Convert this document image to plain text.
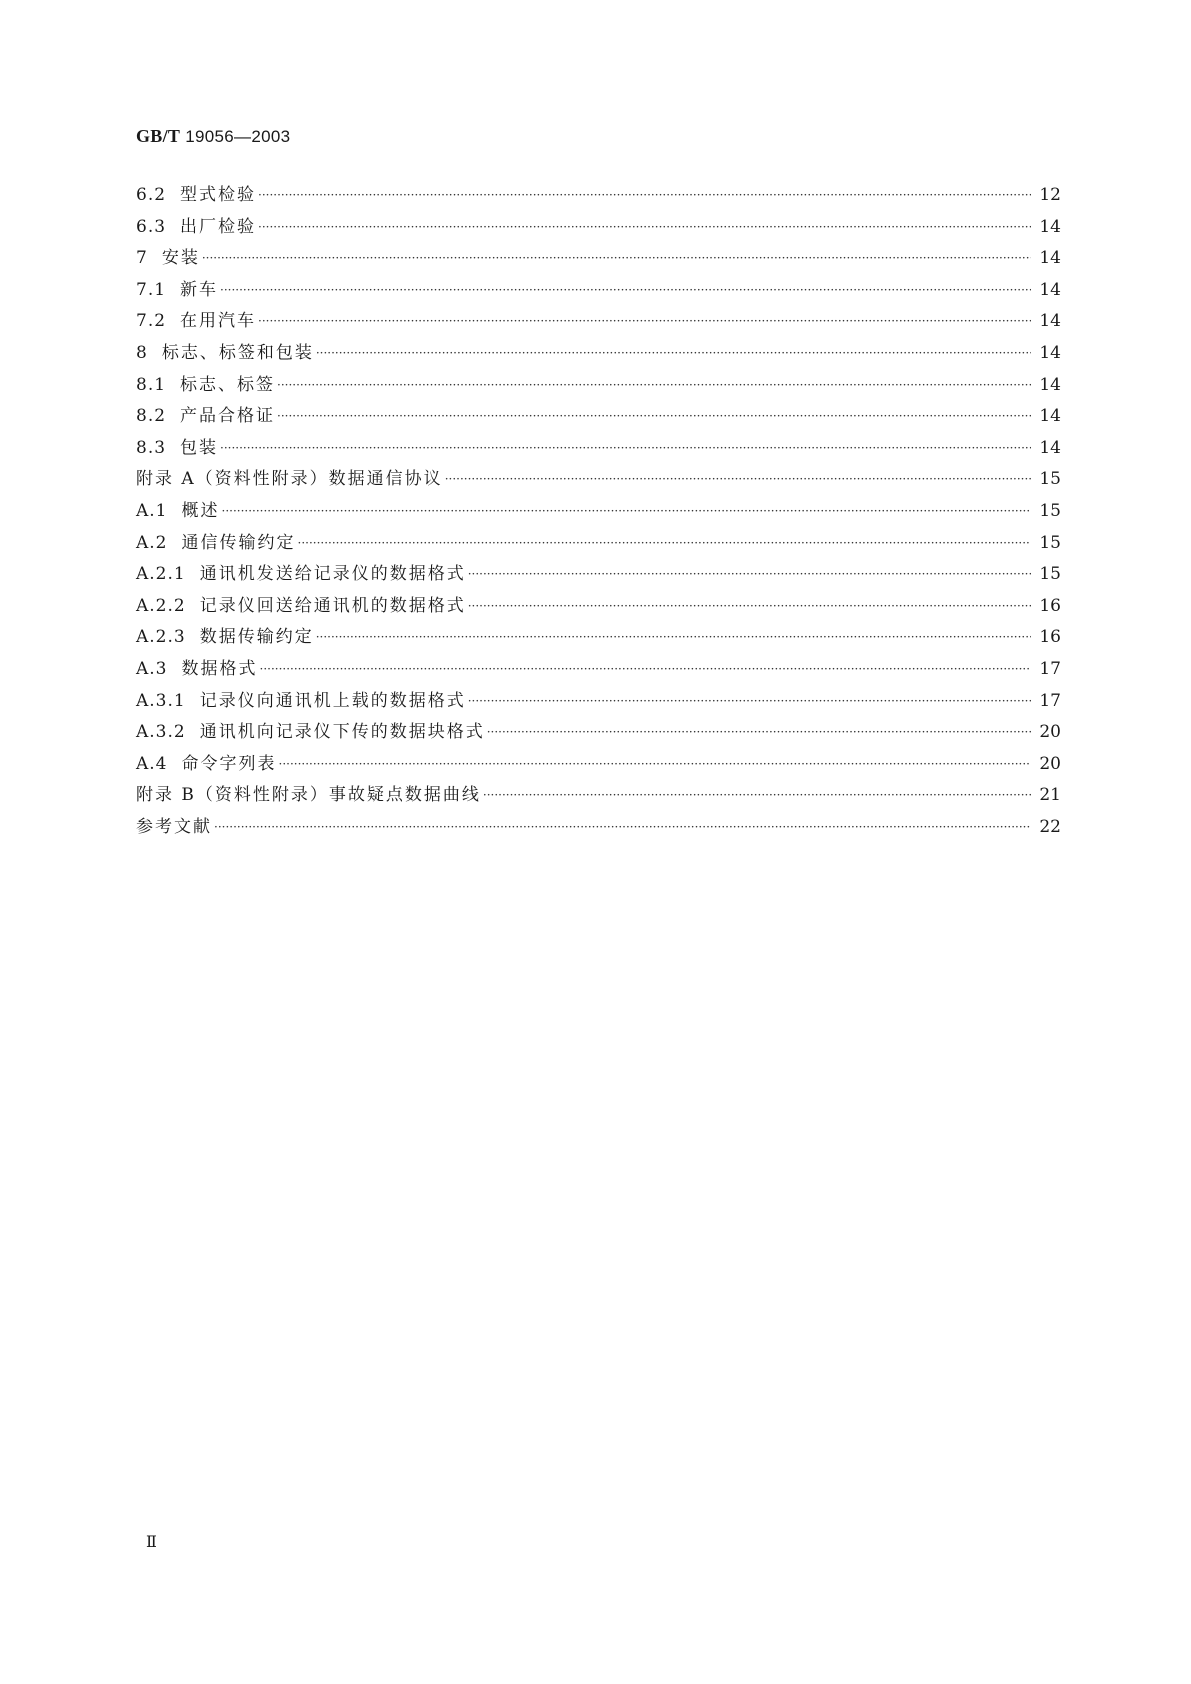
GB/T 19056—2003
6.2 型式检验 ·····	12
6.3 出厂检验 ·····	14
7 安装 ·····	14
7.1 新车 ·····	14
7.2 在用汽车 ·····	14
8 标志、标签和包装 ·····	14
8.1 标志、标签 ·····	14
8.2 产品合格证 ·····	14
8.3 包装 ·····	14
附录 A（资料性附录）数据通信协议 ·····	15
A.1 概述 ·····	15
A.2 通信传输约定 ·····	15
A.2.1 通讯机发送给记录仪的数据格式 ·····	15
A.2.2 记录仪回送给通讯机的数据格式 ·····	16
A.2.3 数据传输约定 ·····	16
A.3 数据格式 ·····	17
A.3.1 记录仪向通讯机上载的数据格式 ·····	17
A.3.2 通讯机向记录仪下传的数据块格式 ·····	20
A.4 命令字列表 ·····	20
附录 B（资料性附录）事故疑点数据曲线 ·····	21
参考文献 ·····	22
Ⅱ
